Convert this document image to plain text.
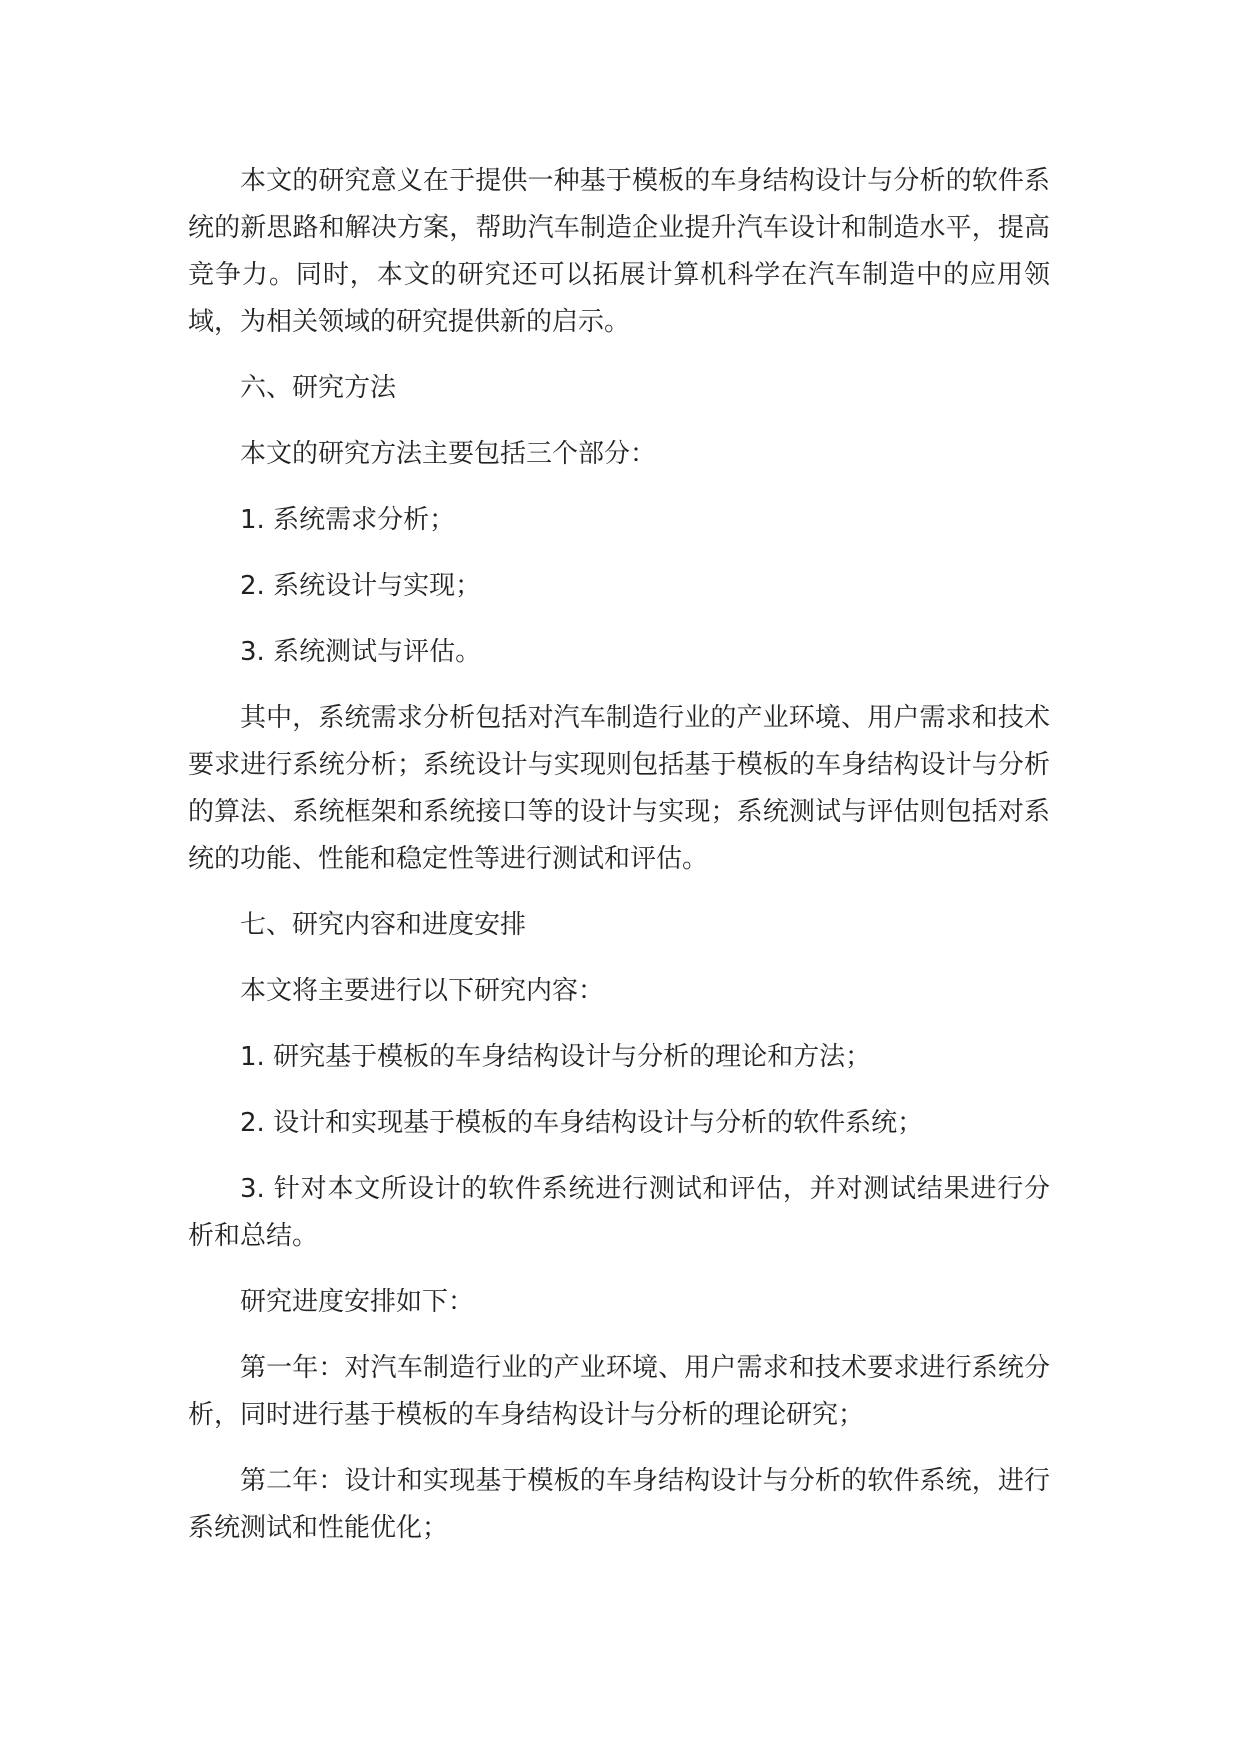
本文的研究意义在于提供一种基于模板的车身结构设计与分析的软件系统的新思路和解决方案，帮助汽车制造企业提升汽车设计和制造水平，提高竞争力。同时，本文的研究还可以拓展计算机科学在汽车制造中的应用领域，为相关领域的研究提供新的启示。

六、研究方法

本文的研究方法主要包括三个部分：

1. 系统需求分析；

2. 系统设计与实现；

3. 系统测试与评估。

其中，系统需求分析包括对汽车制造行业的产业环境、用户需求和技术要求进行系统分析；系统设计与实现则包括基于模板的车身结构设计与分析的算法、系统框架和系统接口等的设计与实现；系统测试与评估则包括对系统的功能、性能和稳定性等进行测试和评估。

七、研究内容和进度安排

本文将主要进行以下研究内容：

1. 研究基于模板的车身结构设计与分析的理论和方法；

2. 设计和实现基于模板的车身结构设计与分析的软件系统；

3. 针对本文所设计的软件系统进行测试和评估，并对测试结果进行分析和总结。

研究进度安排如下：

第一年：对汽车制造行业的产业环境、用户需求和技术要求进行系统分析，同时进行基于模板的车身结构设计与分析的理论研究；

第二年：设计和实现基于模板的车身结构设计与分析的软件系统，进行系统测试和性能优化；
